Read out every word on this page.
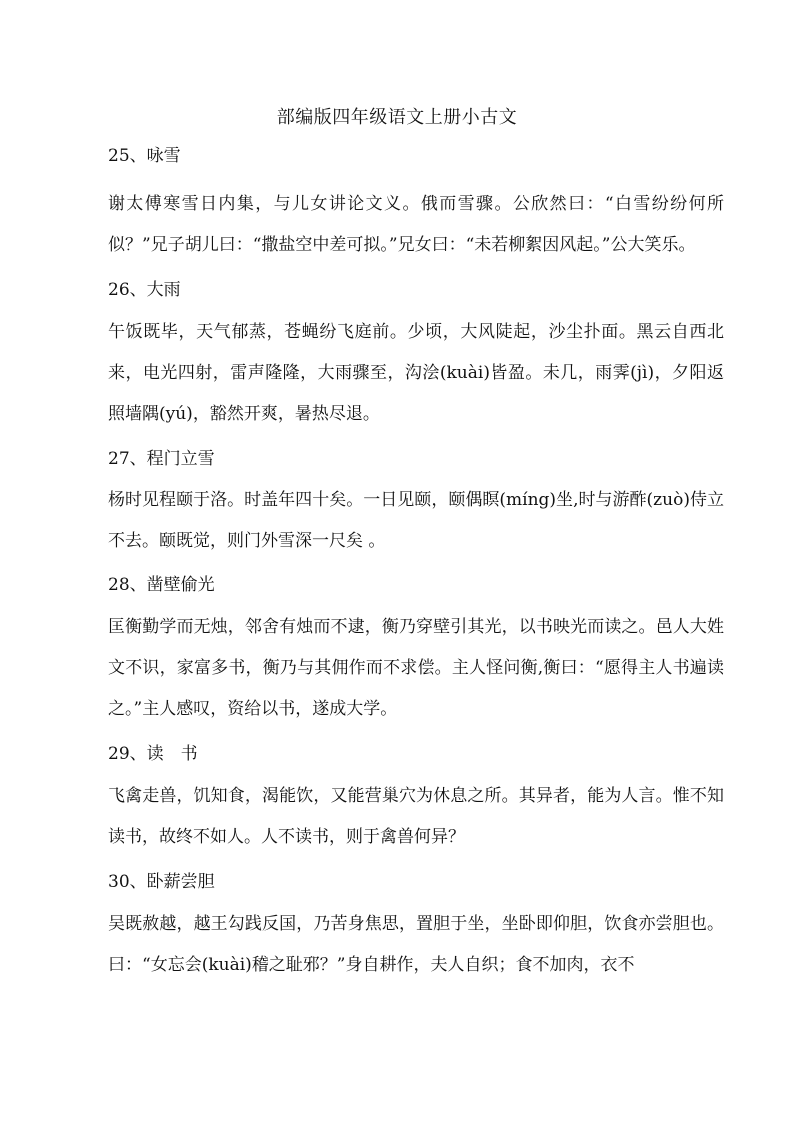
部编版四年级语文上册小古文
25、咏雪

谢太傅寒雪日内集，与儿女讲论文义。俄而雪骤。公欣然曰：“白雪纷纷何所似？”兄子胡儿曰：“撒盐空中差可拟。”兄女曰：“未若柳絮因风起。”公大笑乐。

26、大雨

午饭既毕，天气郁蒸，苍蝇纷飞庭前。少顷，大风陡起，沙尘扑面。黑云自西北来，电光四射，雷声隆隆，大雨骤至，沟浍(kuài)皆盈。未几，雨霁(jì)，夕阳返照墙隅(yú)，豁然开爽，暑热尽退。

27、程门立雪

杨时见程颐于洛。时盖年四十矣。一日见颐，颐偶瞑(míng)坐,时与游酢(zuò)侍立不去。颐既觉，则门外雪深一尺矣 。

28、凿壁偷光

匡衡勤学而无烛，邻舍有烛而不逮，衡乃穿壁引其光，以书映光而读之。邑人大姓文不识，家富多书，衡乃与其佣作而不求偿。主人怪问衡,衡曰：“愿得主人书遍读之。”主人感叹，资给以书，遂成大学。

29、读　书

飞禽走兽，饥知食，渴能饮，又能营巢穴为休息之所。其异者，能为人言。惟不知读书，故终不如人。人不读书，则于禽兽何异？

30、卧薪尝胆

吴既赦越，越王勾践反国，乃苦身焦思，置胆于坐，坐卧即仰胆，饮食亦尝胆也。曰：“女忘会(kuài)稽之耻邪？”身自耕作，夫人自织；食不加肉，衣不
